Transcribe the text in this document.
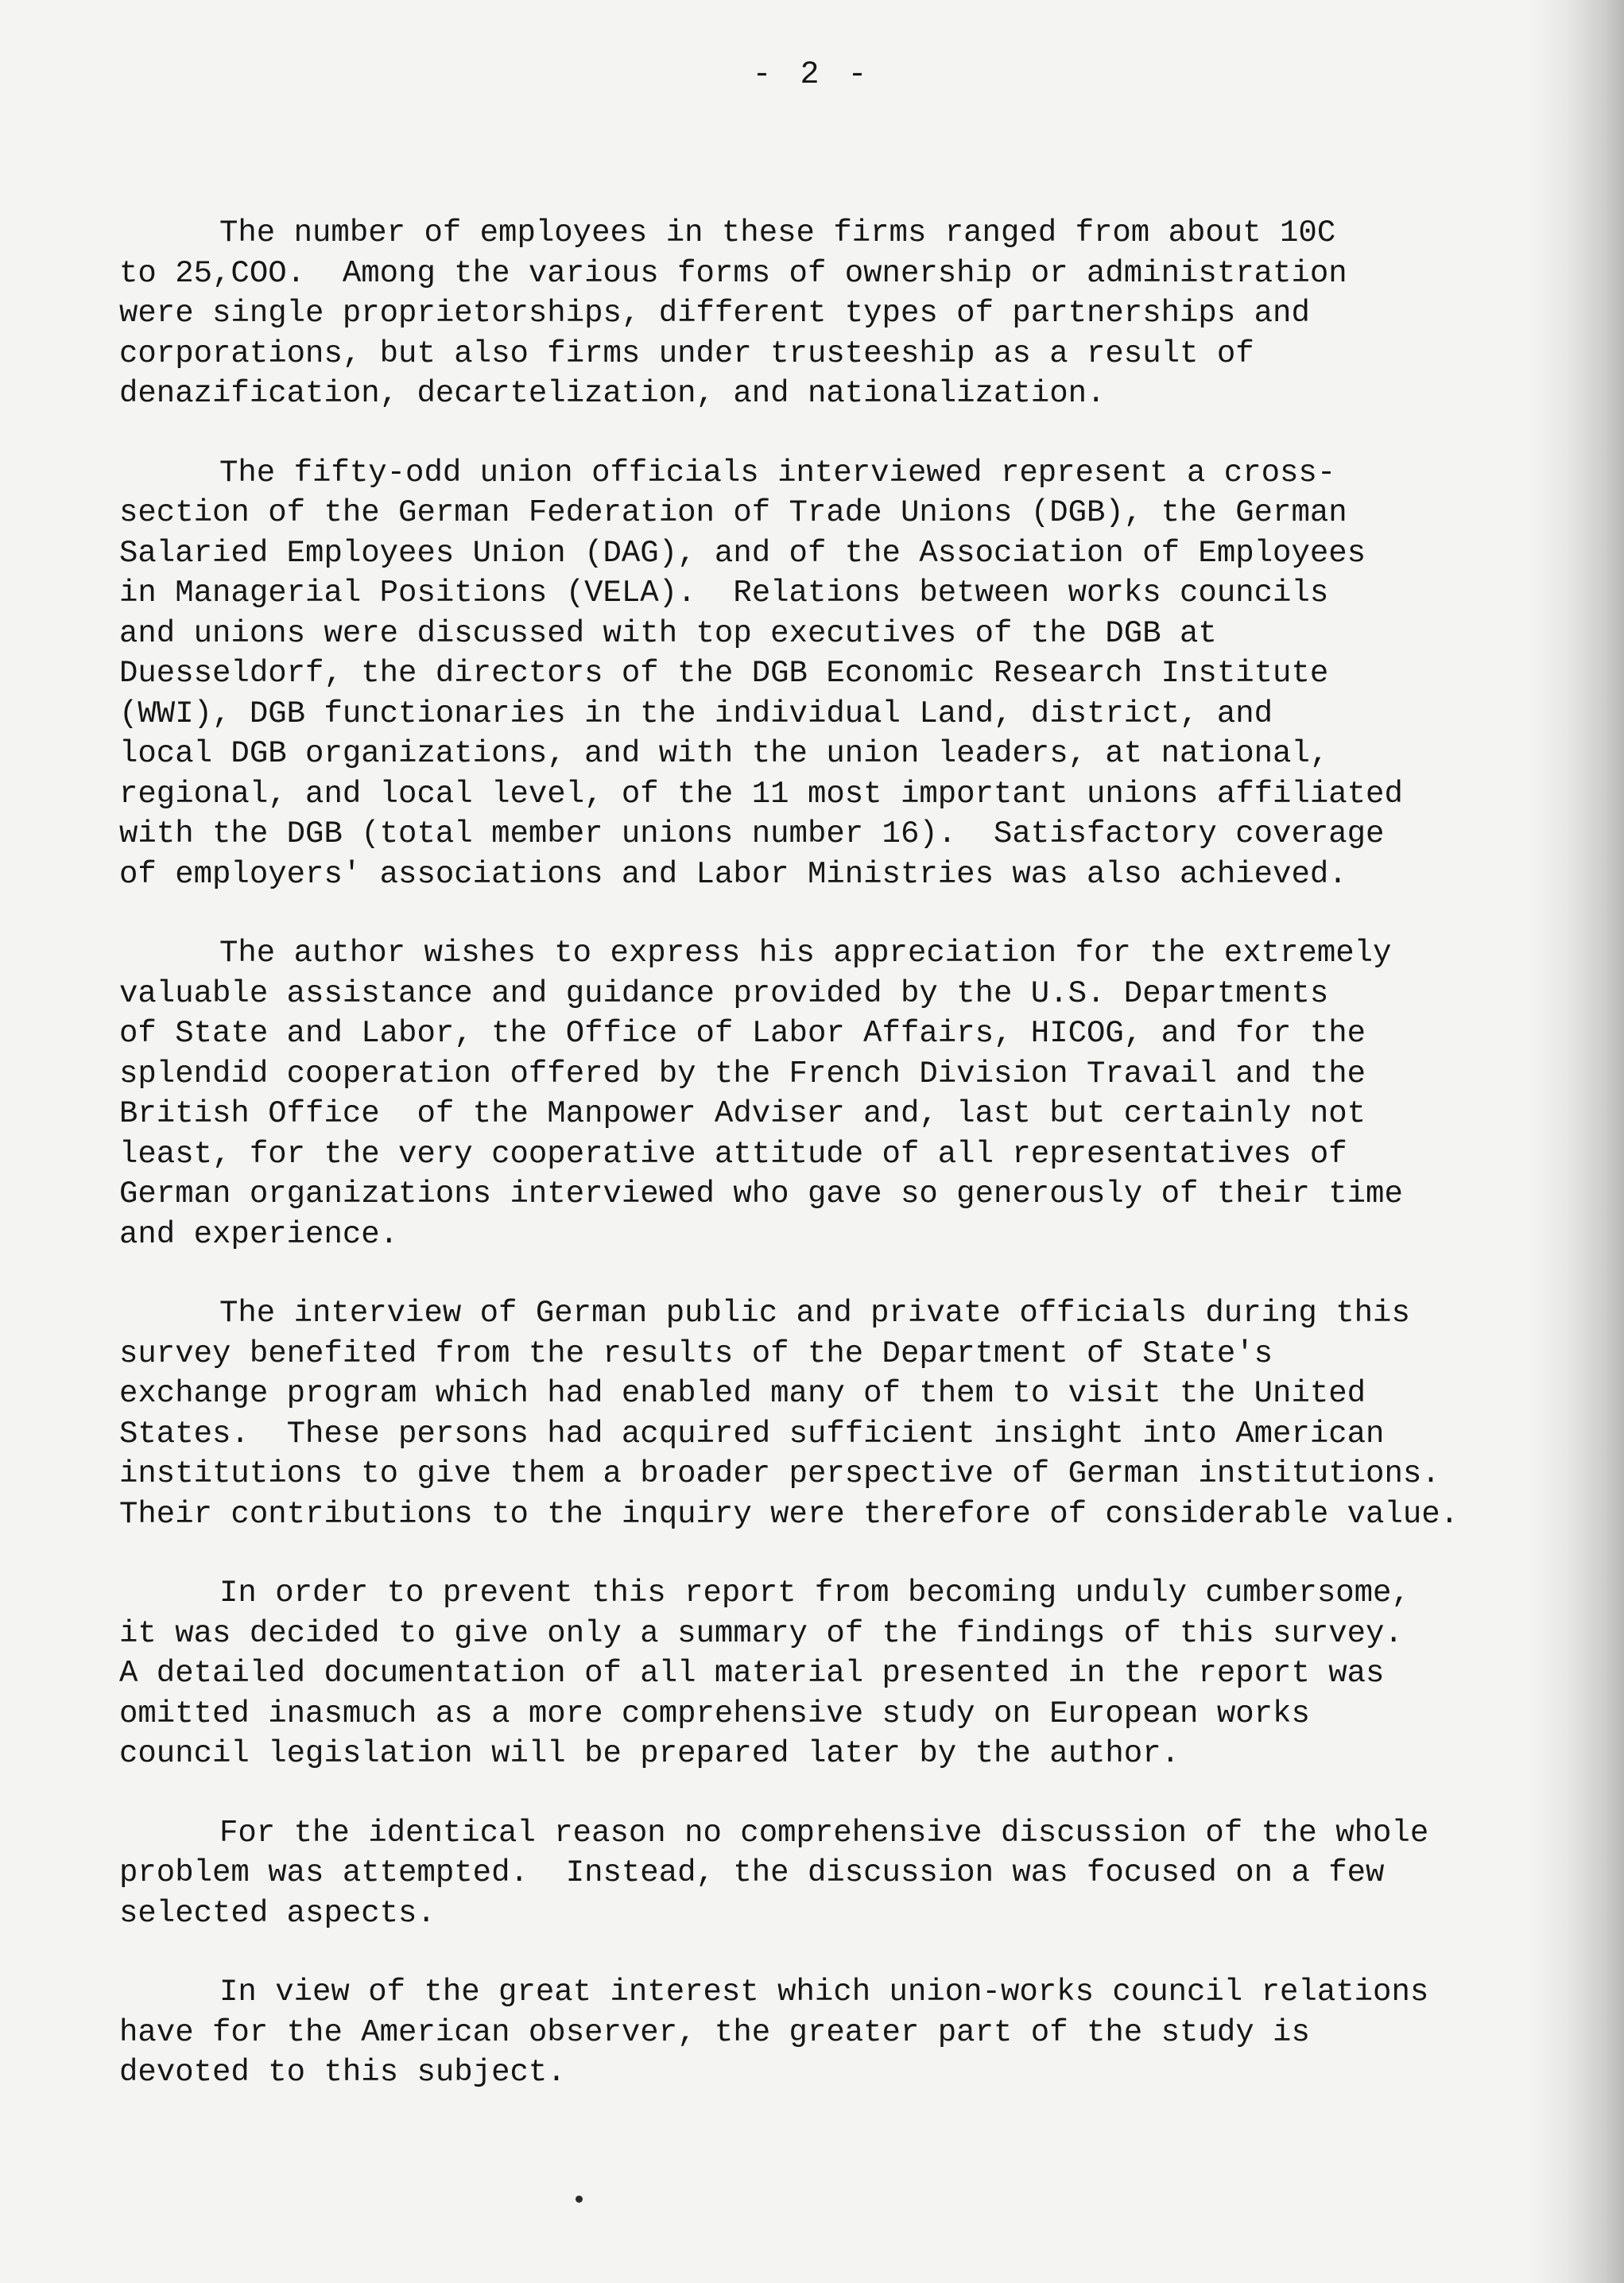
- 2 -
The number of employees in these firms ranged from about 10C
to 25,COO.  Among the various forms of ownership or administration
were single proprietorships, different types of partnerships and
corporations, but also firms under trusteeship as a result of
denazification, decartelization, and nationalization.
The fifty-odd union officials interviewed represent a cross-
section of the German Federation of Trade Unions (DGB), the German
Salaried Employees Union (DAG), and of the Association of Employees
in Managerial Positions (VELA).  Relations between works councils
and unions were discussed with top executives of the DGB at
Duesseldorf, the directors of the DGB Economic Research Institute
(WWI), DGB functionaries in the individual Land, district, and
local DGB organizations, and with the union leaders, at national,
regional, and local level, of the 11 most important unions affiliated
with the DGB (total member unions number 16).  Satisfactory coverage
of employers' associations and Labor Ministries was also achieved.
The author wishes to express his appreciation for the extremely
valuable assistance and guidance provided by the U.S. Departments
of State and Labor, the Office of Labor Affairs, HICOG, and for the
splendid cooperation offered by the French Division Travail and the
British Office  of the Manpower Adviser and, last but certainly not
least, for the very cooperative attitude of all representatives of
German organizations interviewed who gave so generously of their time
and experience.
The interview of German public and private officials during this
survey benefited from the results of the Department of State's
exchange program which had enabled many of them to visit the United
States.  These persons had acquired sufficient insight into American
institutions to give them a broader perspective of German institutions.
Their contributions to the inquiry were therefore of considerable value.
In order to prevent this report from becoming unduly cumbersome,
it was decided to give only a summary of the findings of this survey.
A detailed documentation of all material presented in the report was
omitted inasmuch as a more comprehensive study on European works
council legislation will be prepared later by the author.
For the identical reason no comprehensive discussion of the whole
problem was attempted.  Instead, the discussion was focused on a few
selected aspects.
In view of the great interest which union-works council relations
have for the American observer, the greater part of the study is
devoted to this subject.
